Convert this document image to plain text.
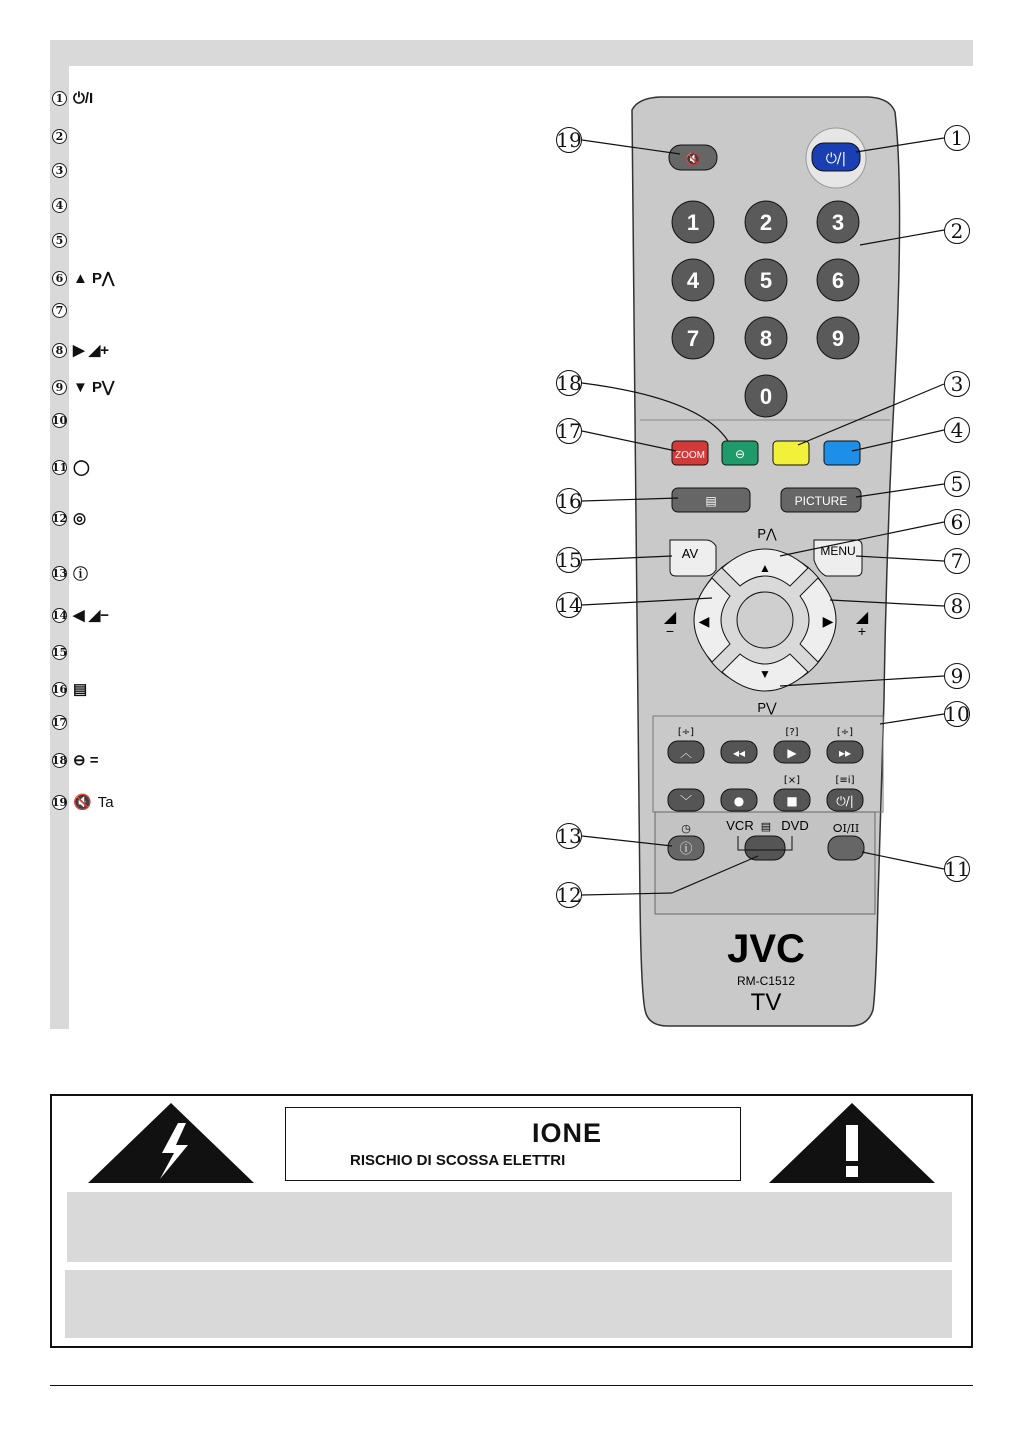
1 ⏻/I
2
3
4
5
6 ▲ P⋀
7
8 ▶ ◢+
9 ▼ P⋁
10
11 ◯
12 ◎
13 ⓘ
14 ◀ ◢−
15
16 ▤
17
18 ⊖ =
19 🔇 Ta
⏻/|
🔇
1	2	3
4	5	6
7	8	9
0
ZOOM ⊖
▤	PICTURE
AV	MENU
▲
▼
◀	▶
P⋀
P⋁
◢
−
◢
+
︿
[÷]
◂◂	▶
[?]
▸▸
[÷]
﹀	●	■
[×]
⏻/|
[≡i]
ⓘ
◷	VCR DVD
▤	ⵔI/II
JVC
RM-C1512
TV
1
2
3
4
5
6
7
8
9
10
11
12
13
14
15
16
17
18
19
IONE
RISCHIO DI SCOSSA ELETTRI
